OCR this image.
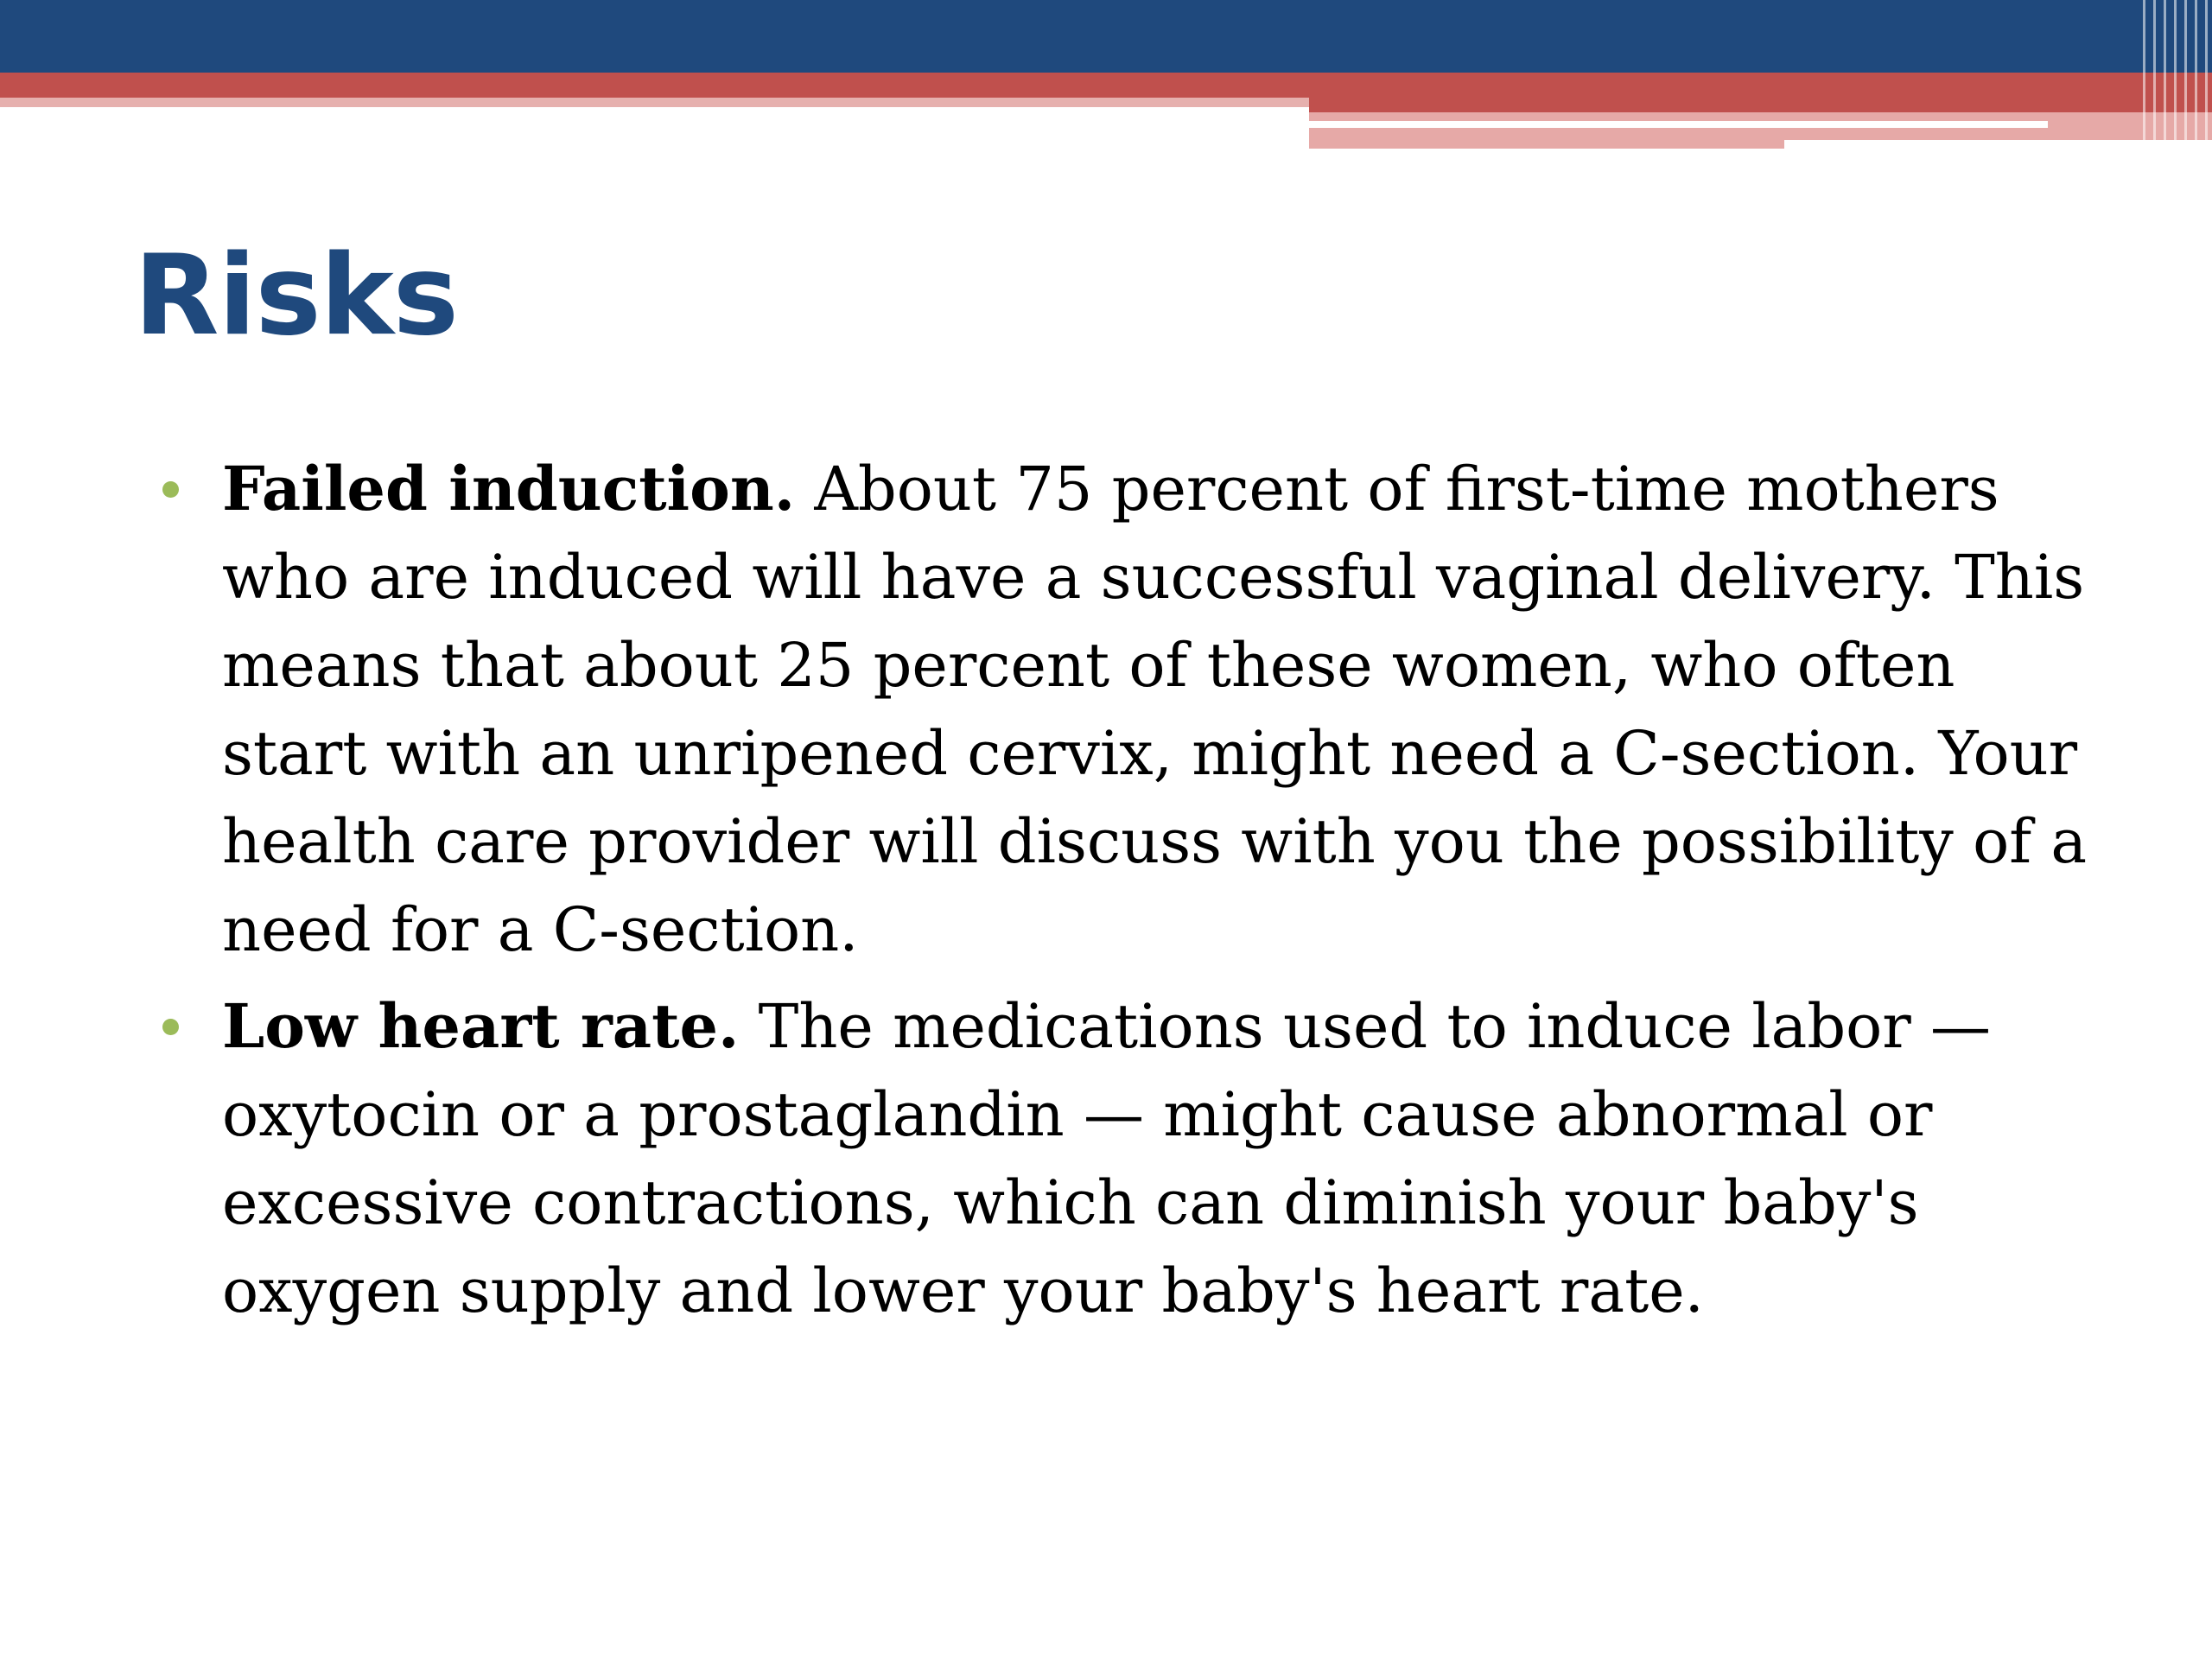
Risks
Failed induction. About 75 percent of first-time mothers who are induced will have a successful vaginal delivery. This means that about 25 percent of these women, who often start with an unripened cervix, might need a C-section. Your health care provider will discuss with you the possibility of a need for a C-section.
Low heart rate. The medications used to induce labor — oxytocin or a prostaglandin — might cause abnormal or excessive contractions, which can diminish your baby's oxygen supply and lower your baby's heart rate.
